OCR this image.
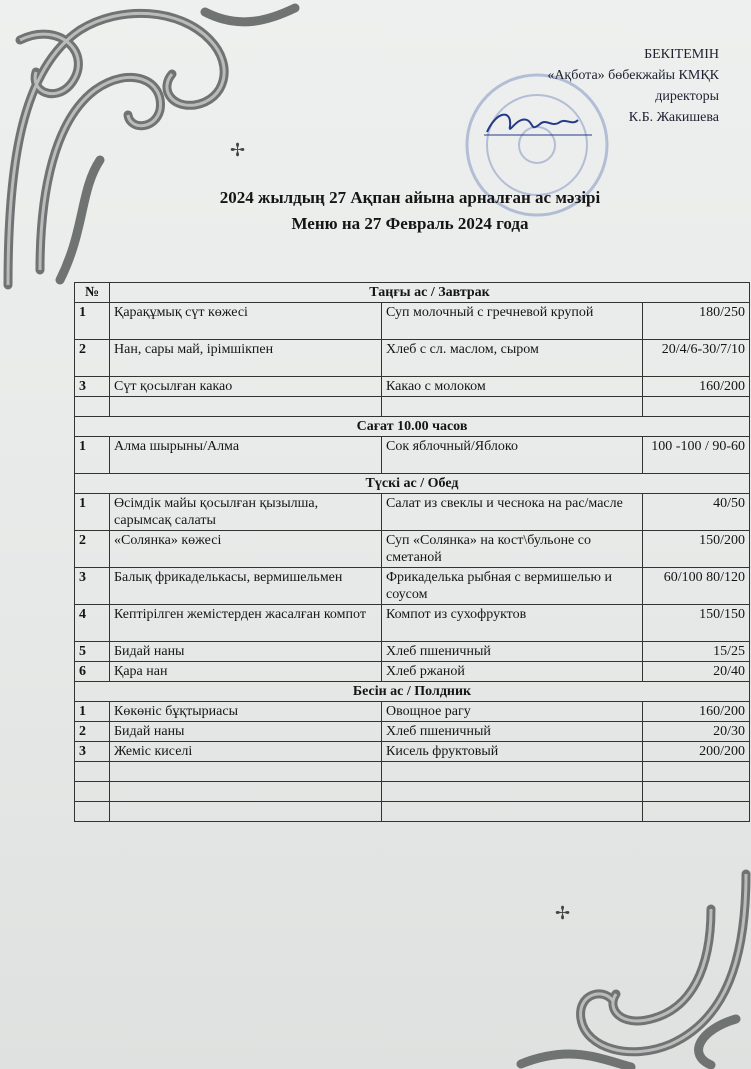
✢
✢
БЕКІТЕМІН
«Ақбота» бөбекжайы КМҚК
директоры
К.Б. Жакишева
2024 жылдың 27 Ақпан айына арналған ас мәзірі
Меню на 27 Февраль 2024 года
№	Таңғы ас / Завтрак		
1	Қарақұмық сүт көжесі	Суп молочный с гречневой крупой	180/250
2	Нан, сары май, ірімшікпен	Хлеб с сл. маслом, сыром	20/4/6-30/7/10
3	Сүт қосылған какао	Какао с молоком	160/200

Сағат 10.00 часов			
1	Алма шырыны/Алма	Сок яблочный/Яблоко	100 -100 / 90-60
Түскі ас / Обед			
1	Өсімдік майы қосылған қызылша, сарымсақ салаты	Салат из свеклы и чеснока на рас/масле	40/50
2	«Солянка» көжесі	Суп «Солянка» на кост\бульоне со сметаной	150/200
3	Балық фрикаделькасы, вермишельмен	Фрикаделька рыбная с вермишелью и соусом	60/100 80/120
4	Кептірілген жемістерден жасалған компот	Компот из сухофруктов	150/150
5	Бидай наны	Хлеб пшеничный	15/25
6	Қара нан	Хлеб ржаной	20/40
Бесін ас / Полдник			
1	Көкөніс бұқтыриасы	Овощное рагу	160/200
2	Бидай наны	Хлеб пшеничный	20/30
3	Жеміс киселі	Кисель фруктовый	200/200
